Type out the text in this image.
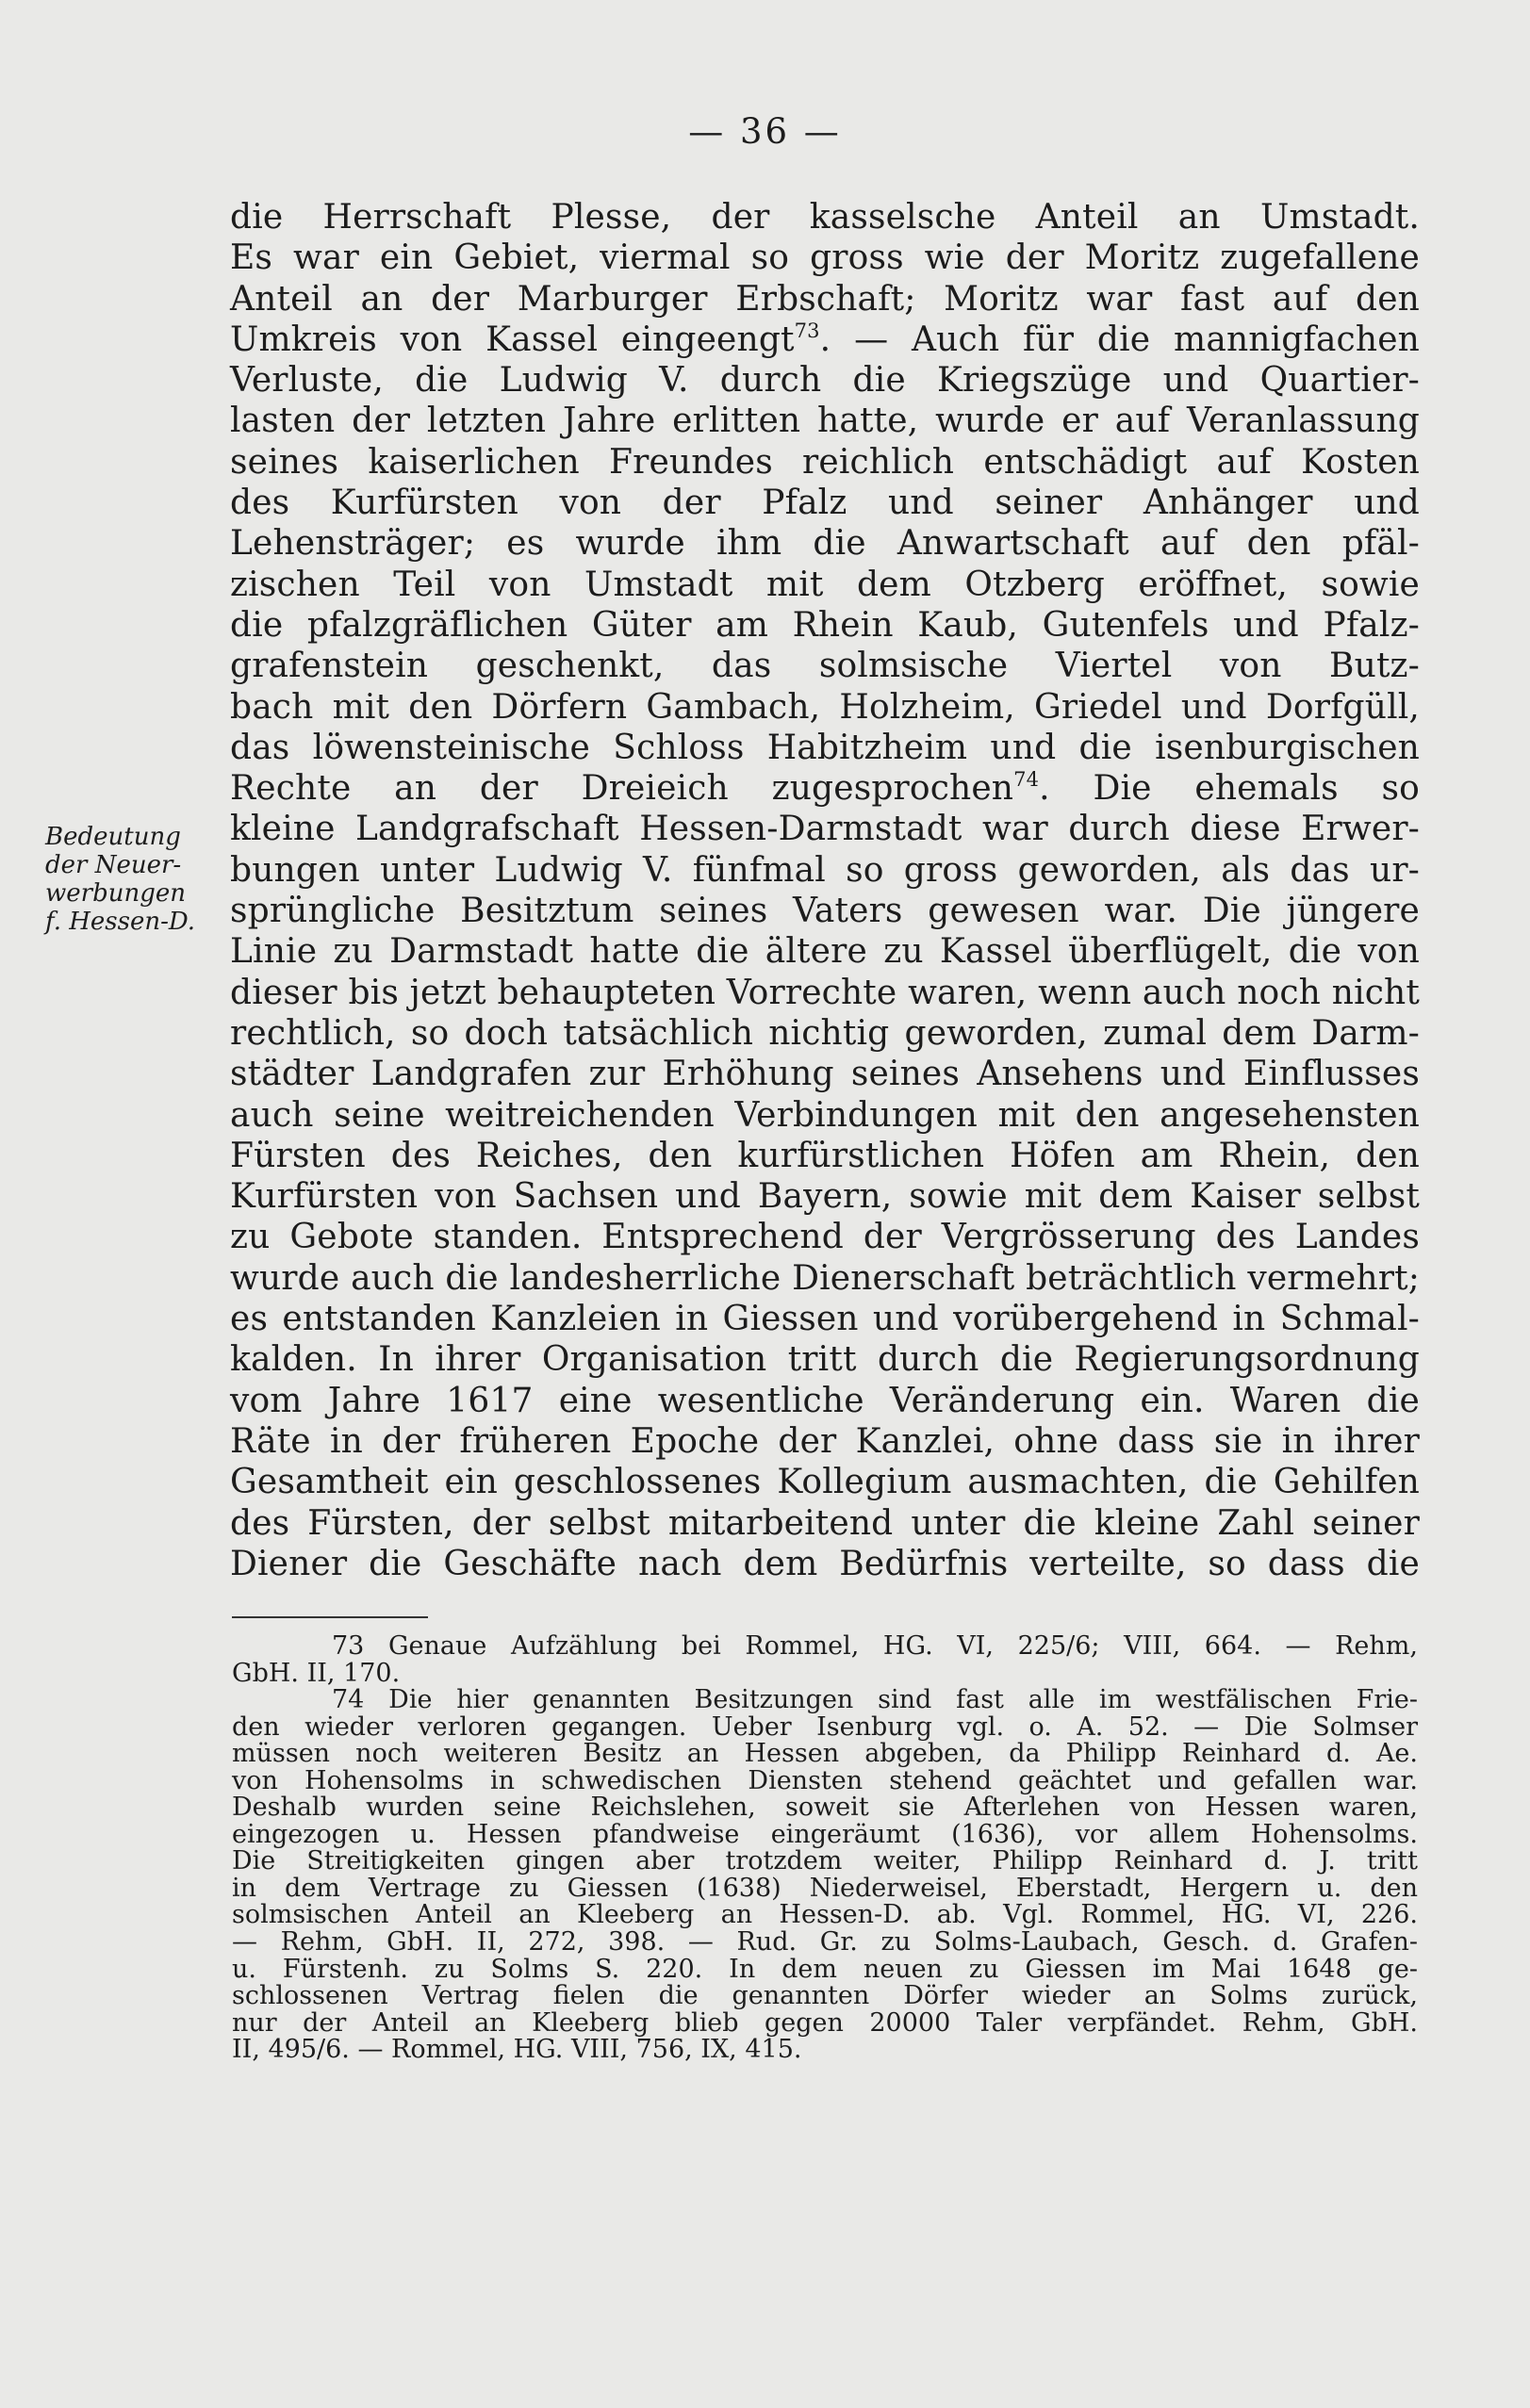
— 36 —
Bedeutung
der Neuer-
werbungen
f. Hessen-D.
die Herrschaft Plesse, der kasselsche Anteil an Umstadt.
Es war ein Gebiet, viermal so gross wie der Moritz zugefallene
Anteil an der Marburger Erbschaft; Moritz war fast auf den
Umkreis von Kassel eingeengt$^{73}$. — Auch für die mannigfachen
Verluste, die Ludwig V. durch die Kriegszüge und Quartier-
lasten der letzten Jahre erlitten hatte, wurde er auf Veranlassung
seines kaiserlichen Freundes reichlich entschädigt auf Kosten
des Kurfürsten von der Pfalz und seiner Anhänger und
Lehensträger; es wurde ihm die Anwartschaft auf den pfäl-
zischen Teil von Umstadt mit dem Otzberg eröffnet, sowie
die pfalzgräflichen Güter am Rhein Kaub, Gutenfels und Pfalz-
grafenstein geschenkt, das solmsische Viertel von Butz-
bach mit den Dörfern Gambach, Holzheim, Griedel und Dorfgüll,
das löwensteinische Schloss Habitzheim und die isenburgischen
Rechte an der Dreieich zugesprochen$^{74}$. Die ehemals so
kleine Landgrafschaft Hessen-Darmstadt war durch diese Erwer-
bungen unter Ludwig V. fünfmal so gross geworden, als das ur-
sprüngliche Besitztum seines Vaters gewesen war. Die jüngere
Linie zu Darmstadt hatte die ältere zu Kassel überflügelt, die von
dieser bis jetzt behaupteten Vorrechte waren, wenn auch noch nicht
rechtlich, so doch tatsächlich nichtig geworden, zumal dem Darm-
städter Landgrafen zur Erhöhung seines Ansehens und Einflusses
auch seine weitreichenden Verbindungen mit den angesehensten
Fürsten des Reiches, den kurfürstlichen Höfen am Rhein, den
Kurfürsten von Sachsen und Bayern, sowie mit dem Kaiser selbst
zu Gebote standen. Entsprechend der Vergrösserung des Landes
wurde auch die landesherrliche Dienerschaft beträchtlich vermehrt;
es entstanden Kanzleien in Giessen und vorübergehend in Schmal-
kalden. In ihrer Organisation tritt durch die Regierungsordnung
vom Jahre 1617 eine wesentliche Veränderung ein. Waren die
Räte in der früheren Epoche der Kanzlei, ohne dass sie in ihrer
Gesamtheit ein geschlossenes Kollegium ausmachten, die Gehilfen
des Fürsten, der selbst mitarbeitend unter die kleine Zahl seiner
Diener die Geschäfte nach dem Bedürfnis verteilte, so dass die
73 Genaue Aufzählung bei Rommel, HG. VI, 225/6; VIII, 664. — Rehm,
GbH. II, 170.
74 Die hier genannten Besitzungen sind fast alle im westfälischen Frie-
den wieder verloren gegangen. Ueber Isenburg vgl. o. A. 52. — Die Solmser
müssen noch weiteren Besitz an Hessen abgeben, da Philipp Reinhard d. Ae.
von Hohensolms in schwedischen Diensten stehend geächtet und gefallen war.
Deshalb wurden seine Reichslehen, soweit sie Afterlehen von Hessen waren,
eingezogen u. Hessen pfandweise eingeräumt (1636), vor allem Hohensolms.
Die Streitigkeiten gingen aber trotzdem weiter, Philipp Reinhard d. J. tritt
in dem Vertrage zu Giessen (1638) Niederweisel, Eberstadt, Hergern u. den
solmsischen Anteil an Kleeberg an Hessen-D. ab. Vgl. Rommel, HG. VI, 226.
— Rehm, GbH. II, 272, 398. — Rud. Gr. zu Solms-Laubach, Gesch. d. Grafen-
u. Fürstenh. zu Solms S. 220. In dem neuen zu Giessen im Mai 1648 ge-
schlossenen Vertrag fielen die genannten Dörfer wieder an Solms zurück,
nur der Anteil an Kleeberg blieb gegen 20000 Taler verpfändet. Rehm, GbH.
II, 495/6. — Rommel, HG. VIII, 756, IX, 415.
